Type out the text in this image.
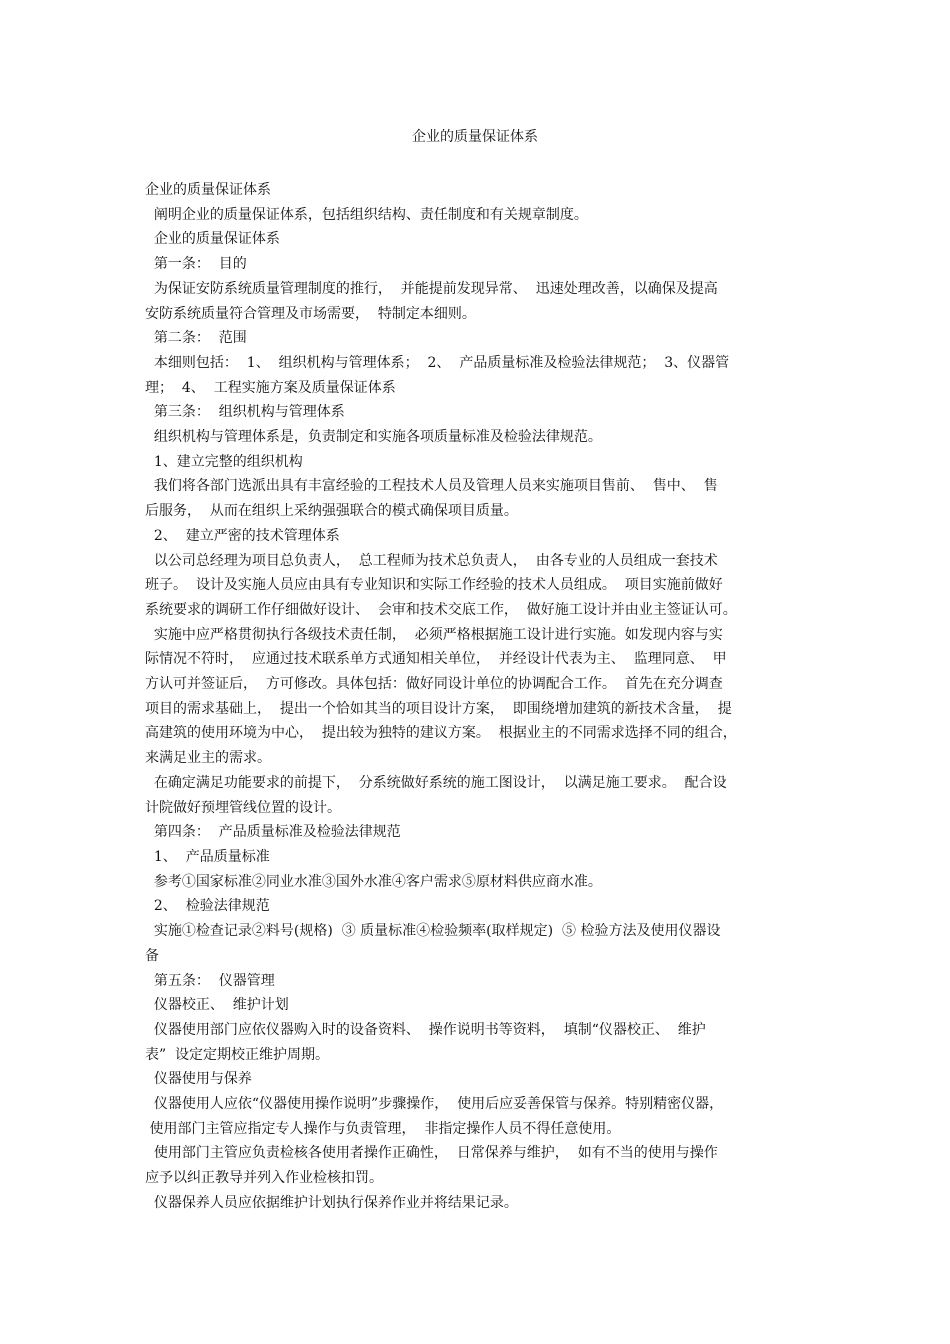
企业的质量保证体系

企业的质量保证体系

阐明企业的质量保证体系，包括组织结构、责任制度和有关规章制度。

企业的质量保证体系

第一条：  目的

为保证安防系统质量管理制度的推行，  并能提前发现异常、  迅速处理改善，以确保及提高

安防系统质量符合管理及市场需要，  特制定本细则。

第二条：  范围

本细则包括：  1、  组织机构与管理体系；  2、  产品质量标准及检验法律规范；  3、仪器管

理；  4、  工程实施方案及质量保证体系

第三条：  组织机构与管理体系

组织机构与管理体系是，负责制定和实施各项质量标准及检验法律规范。

1、建立完整的组织机构

我们将各部门选派出具有丰富经验的工程技术人员及管理人员来实施项目售前、  售中、  售

后服务，  从而在组织上采纳强强联合的模式确保项目质量。

2、  建立严密的技术管理体系

以公司总经理为项目总负责人，  总工程师为技术总负责人，  由各专业的人员组成一套技术

班子。  设计及实施人员应由具有专业知识和实际工作经验的技术人员组成。  项目实施前做好

系统要求的调研工作仔细做好设计、  会审和技术交底工作，  做好施工设计并由业主签证认可。

实施中应严格贯彻执行各级技术责任制，  必须严格根据施工设计进行实施。如发现内容与实

际情况不符时，  应通过技术联系单方式通知相关单位，  并经设计代表为主、  监理同意、  甲

方认可并签证后，  方可修改。具体包括：做好同设计单位的协调配合工作。  首先在充分调查

项目的需求基础上，  提出一个恰如其当的项目设计方案，  即围绕增加建筑的新技术含量，  提

高建筑的使用环境为中心，  提出较为独特的建议方案。  根据业主的不同需求选择不同的组合，

来满足业主的需求。

在确定满足功能要求的前提下，  分系统做好系统的施工图设计，  以满足施工要求。  配合设

计院做好预埋管线位置的设计。

第四条：  产品质量标准及检验法律规范

1、  产品质量标准

参考①国家标准②同业水准③国外水准④客户需求⑤原材料供应商水准。

2、  检验法律规范

实施①检查记录②料号(规格)  ③ 质量标准④检验频率(取样规定)  ⑤ 检验方法及使用仪器设

备

第五条：  仪器管理

仪器校正、  维护计划

仪器使用部门应依仪器购入时的设备资料、  操作说明书等资料，  填制“仪器校正、  维护

表”  设定定期校正维护周期。

仪器使用与保养

仪器使用人应依“仪器使用操作说明”步骤操作，  使用后应妥善保管与保养。特别精密仪器，

使用部门主管应指定专人操作与负责管理，  非指定操作人员不得任意使用。

使用部门主管应负责检核各使用者操作正确性，  日常保养与维护，  如有不当的使用与操作

应予以纠正教导并列入作业检核扣罚。

仪器保养人员应依据维护计划执行保养作业并将结果记录。
